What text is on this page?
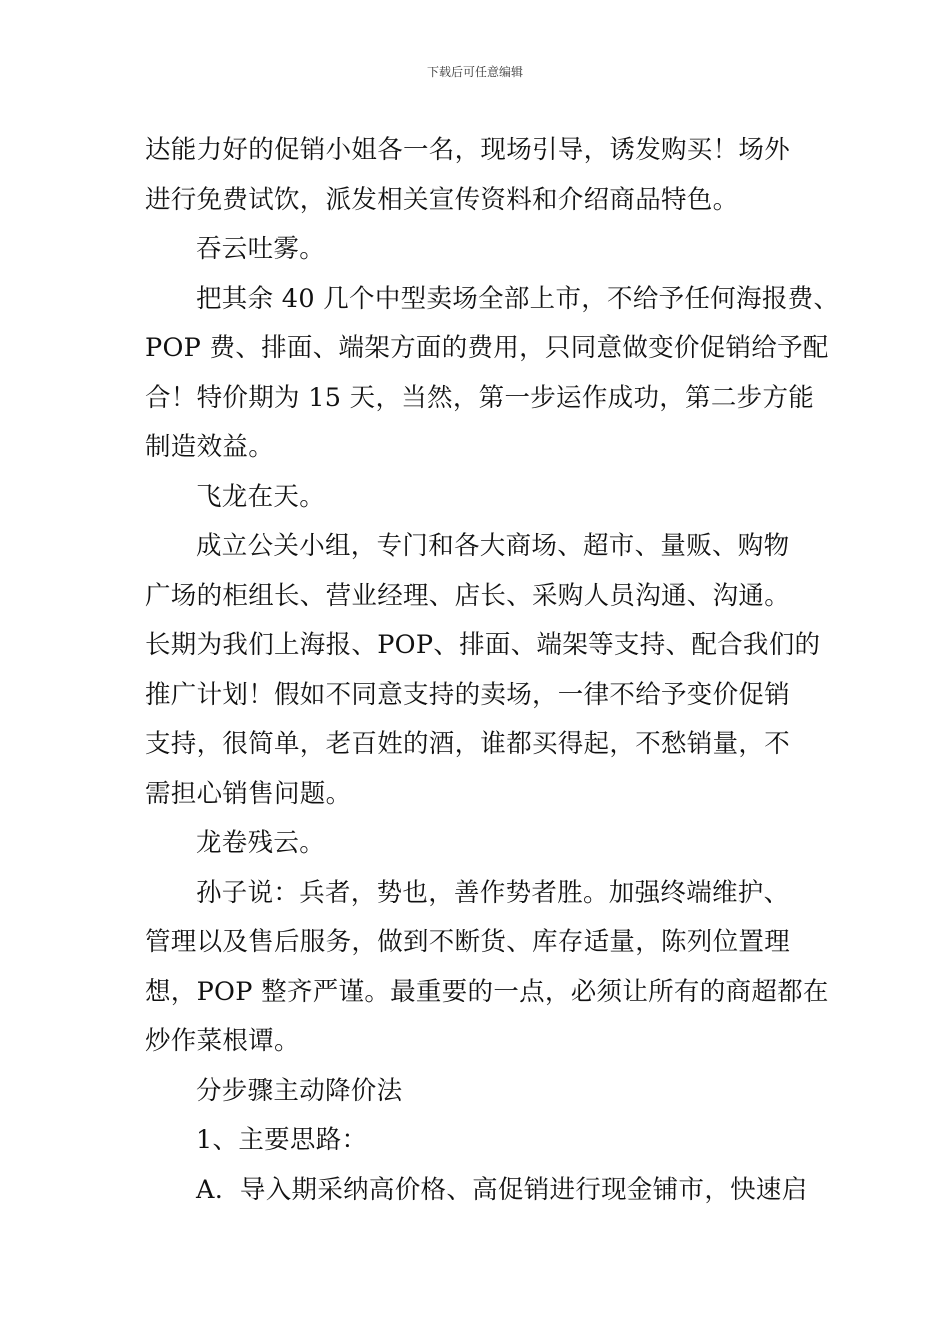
下载后可任意编辑

达能力好的促销小姐各一名，现场引导，诱发购买！场外
进行免费试饮，派发相关宣传资料和介绍商品特色。

吞云吐雾。

把其余 40 几个中型卖场全部上市，不给予任何海报费、
POP 费、排面、端架方面的费用，只同意做变价促销给予配
合！特价期为 15 天，当然，第一步运作成功，第二步方能
制造效益。

飞龙在天。

成立公关小组，专门和各大商场、超市、量贩、购物
广场的柜组长、营业经理、店长、采购人员沟通、沟通。
长期为我们上海报、POP、排面、端架等支持、配合我们的
推广计划！假如不同意支持的卖场，一律不给予变价促销
支持，很简单，老百姓的酒，谁都买得起，不愁销量，不
需担心销售问题。

龙卷残云。

孙子说：兵者，势也，善作势者胜。加强终端维护、
管理以及售后服务，做到不断货、库存适量，陈列位置理
想，POP 整齐严谨。最重要的一点，必须让所有的商超都在
炒作菜根谭。

分步骤主动降价法

1、主要思路：

A.  导入期采纳高价格、高促销进行现金铺市，快速启
